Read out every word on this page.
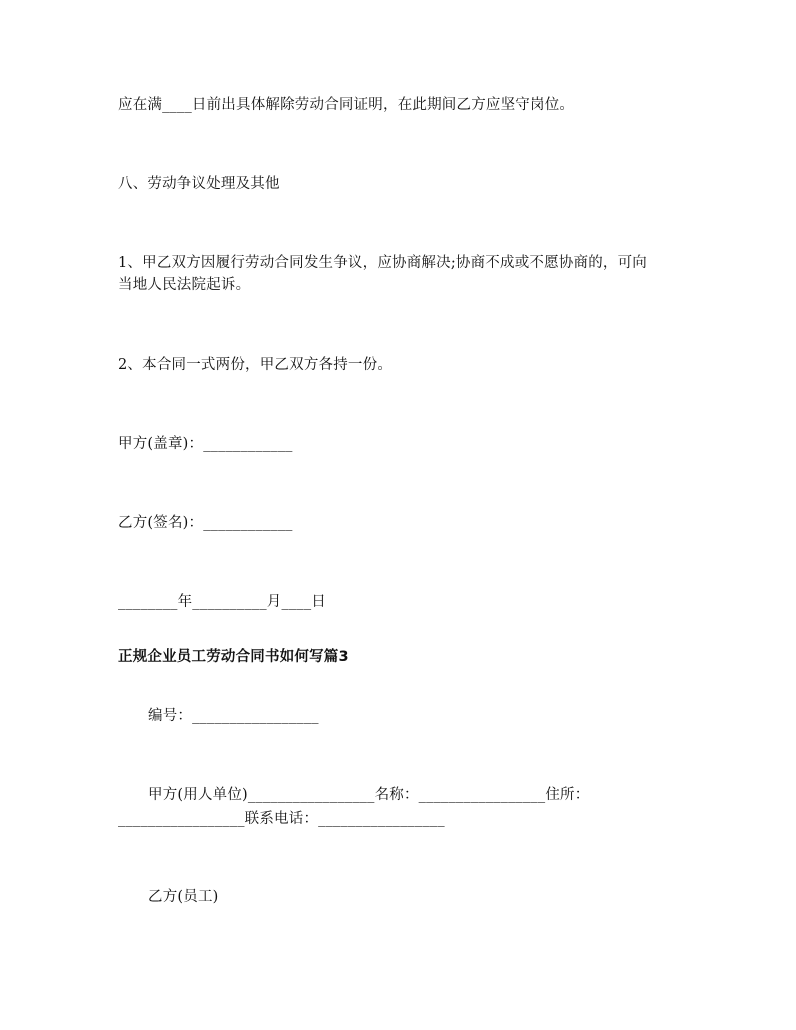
应在满____日前出具体解除劳动合同证明，在此期间乙方应坚守岗位。
八、劳动争议处理及其他
1、甲乙双方因履行劳动合同发生争议，应协商解决;协商不成或不愿协商的，可向
当地人民法院起诉。
2、本合同一式两份，甲乙双方各持一份。
甲方(盖章)：____________
乙方(签名)：____________
________年__________月____日
正规企业员工劳动合同书如何写篇3
编号：_________________
甲方(用人单位)_________________名称：_________________住所：
_________________联系电话：_________________
乙方(员工)
